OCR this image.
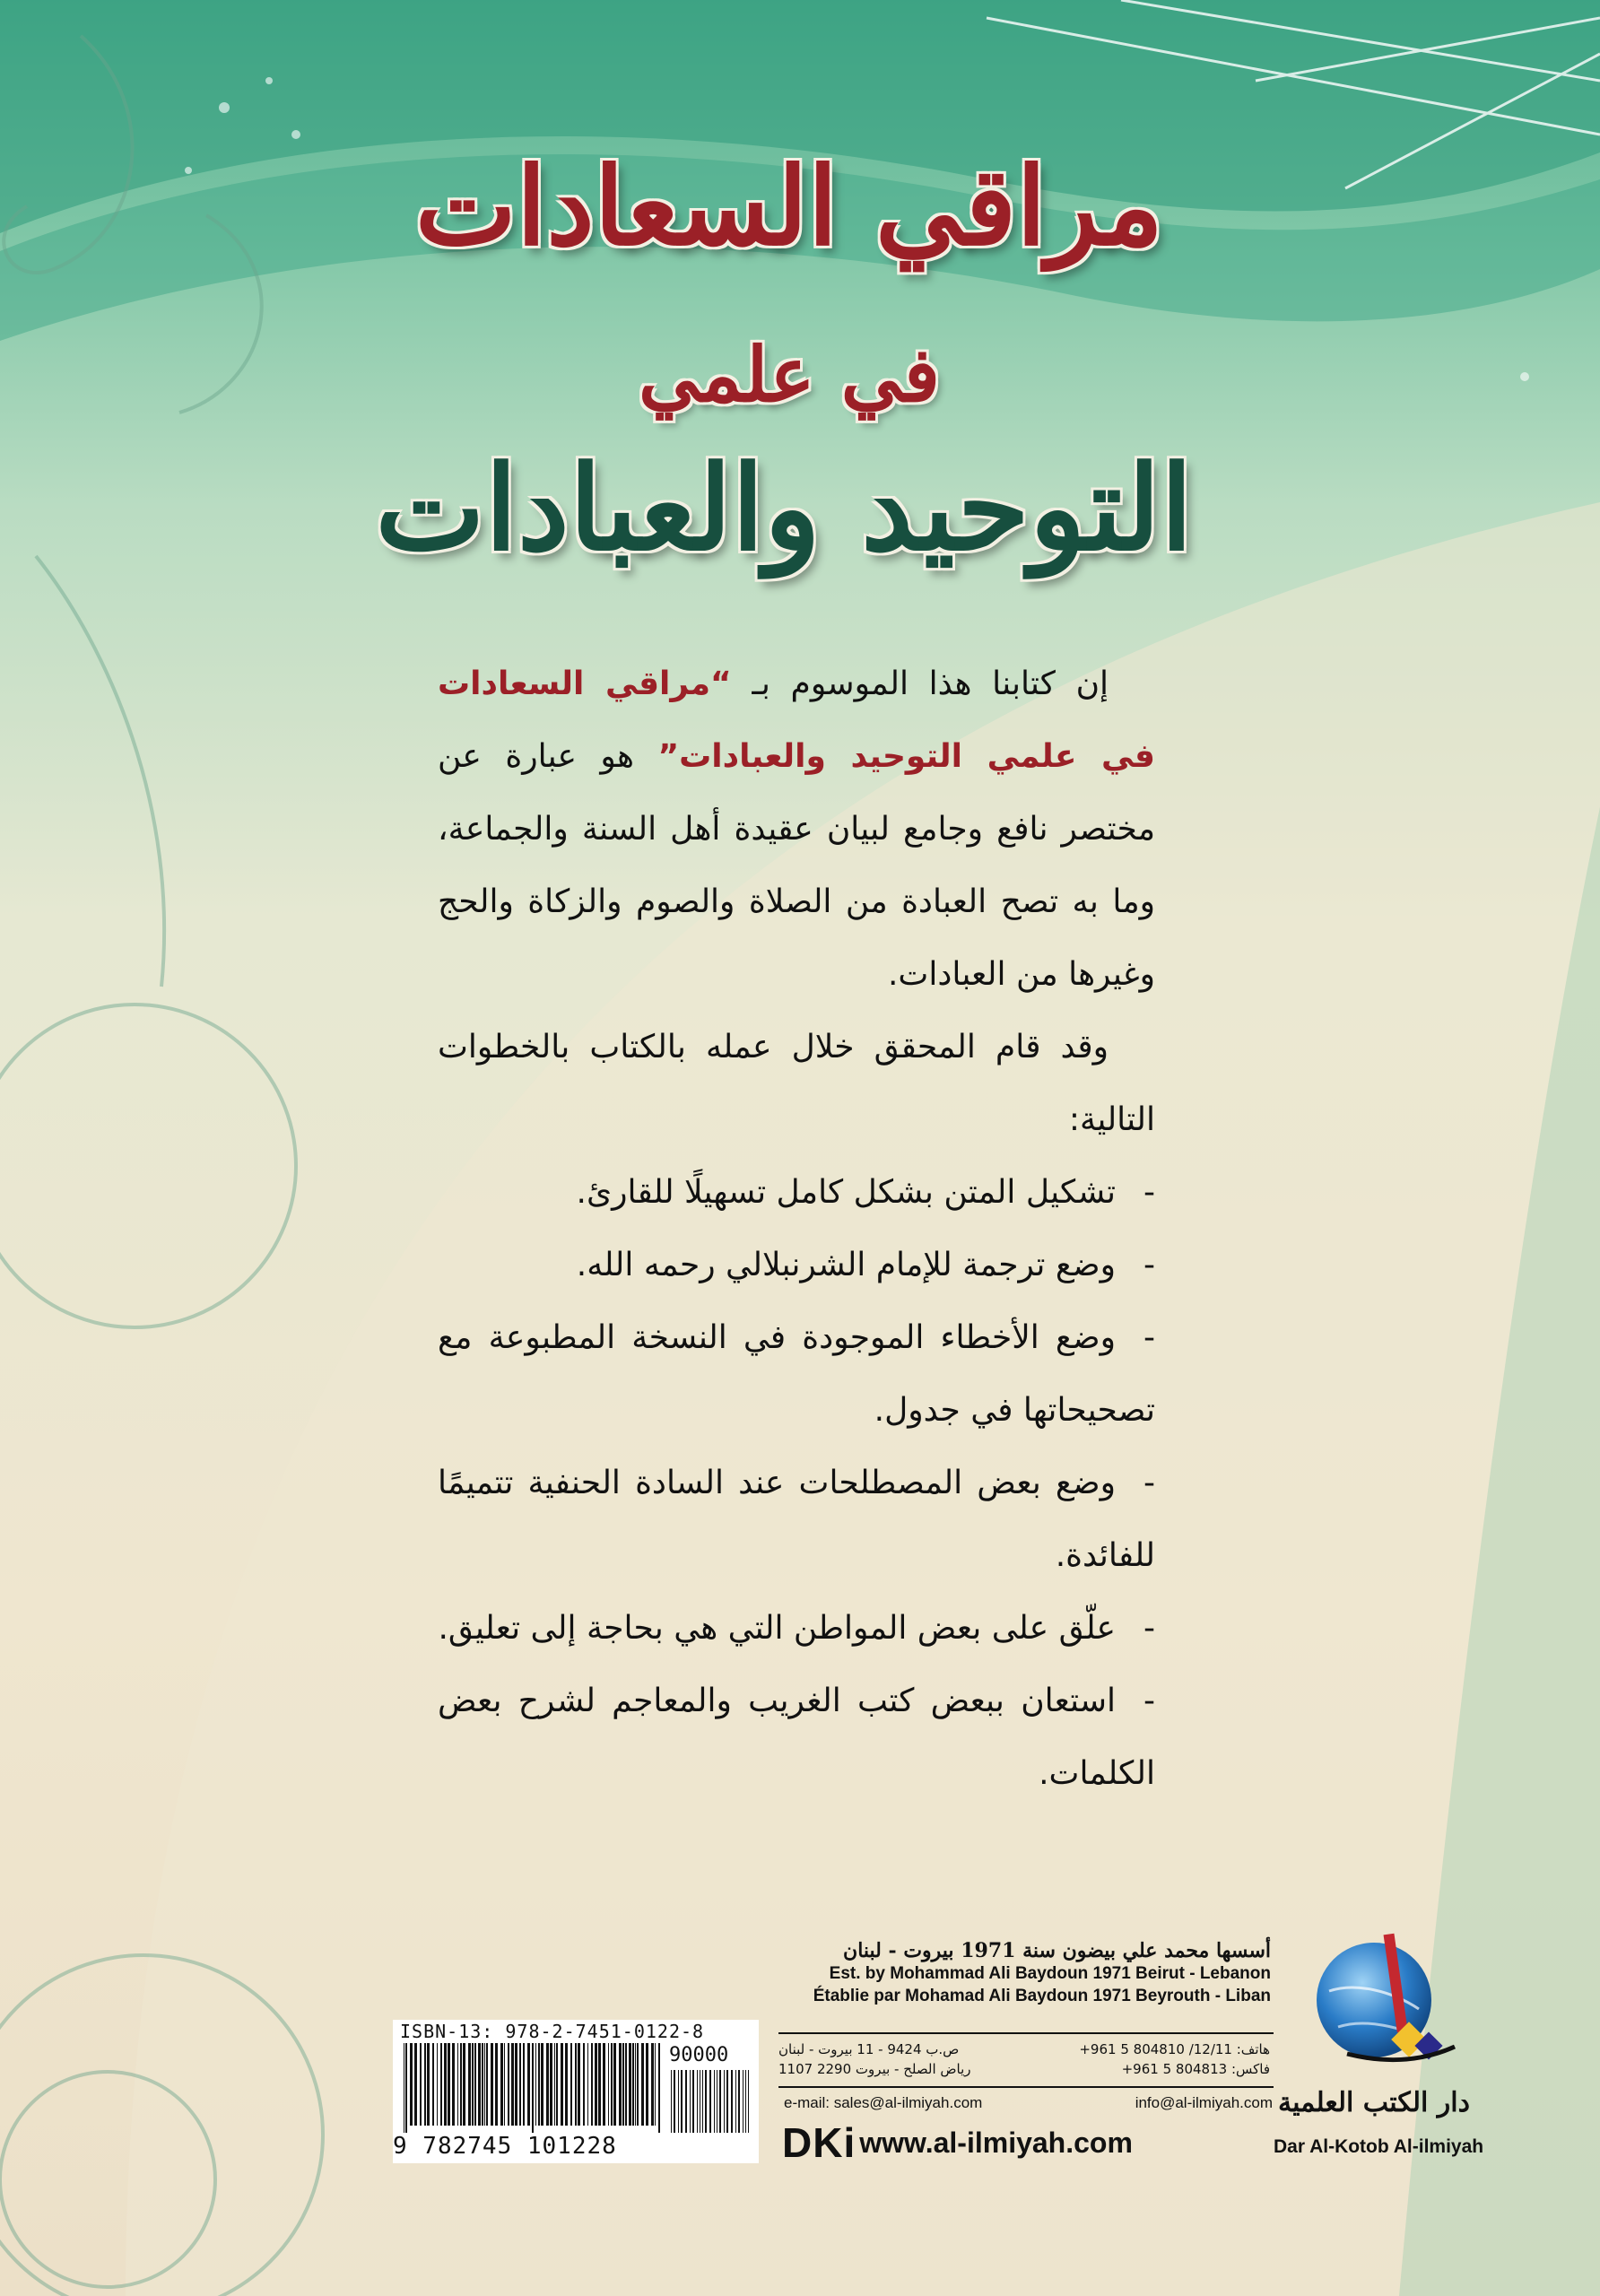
مراقي السعادات
في علمي
التوحيد والعبادات

إن كتابنا هذا الموسوم بـ “مراقي السعادات في علمي التوحيد والعبادات” هو عبارة عن مختصر نافع وجامع لبيان عقيدة أهل السنة والجماعة، وما به تصح العبادة من الصلاة والصوم والزكاة والحج وغيرها من العبادات.

وقد قام المحقق خلال عمله بالكتاب بالخطوات التالية:

-تشكيل المتن بشكل كامل تسهيلًا للقارئ.

-وضع ترجمة للإمام الشرنبلالي رحمه الله.

-وضع الأخطاء الموجودة في النسخة المطبوعة مع تصحيحاتها في جدول.

-وضع بعض المصطلحات عند السادة الحنفية تتميمًا للفائدة.

-علّق على بعض المواطن التي هي بحاجة إلى تعليق.

-استعان ببعض كتب الغريب والمعاجم لشرح بعض الكلمات.

ISBN-13: 978-2-7451-0122-8
90000
9 782745 101228
أسسها محمد علي بيضون سنة 1971 بيروت - لبنان
Est. by Mohammad Ali Baydoun 1971 Beirut - Lebanon
Établie par Mohamad Ali Baydoun 1971 Beyrouth - Liban
ص.ب 9424 - 11 بيروت - لبنان	هاتف: 12/11/ 804810 5 961+
رياض الصلح - بيروت 2290 1107	فاكس: 804813 5 961+
e-mail: sales@al-ilmiyah.com	info@al-ilmiyah.com
DKi www.al-ilmiyah.com
دار الكتب العلمية
Dar Al-Kotob Al-ilmiyah
